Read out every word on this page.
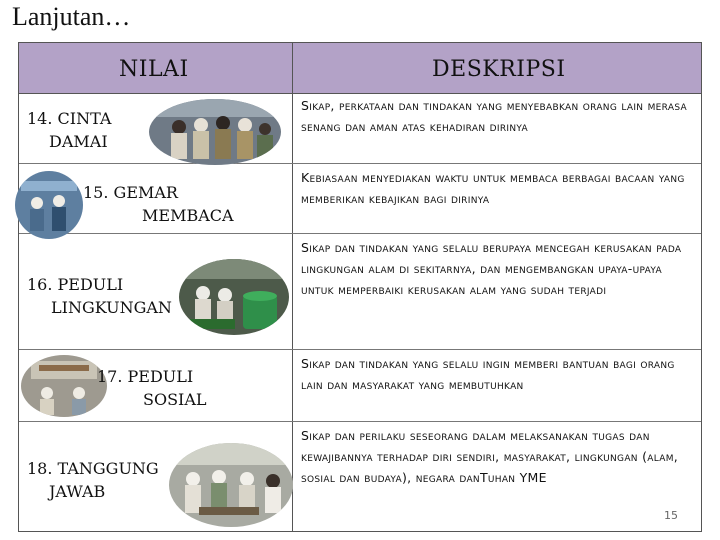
Lanjutan…
NILAI	DESKRIPSI
14. CINTA
DAMAI
Sikap, perkataan dan tindakan yang menyebabkan orang lain merasa senang dan aman atas kehadiran dirinya
15. GEMAR
MEMBACA
Kebiasaan menyediakan waktu untuk membaca berbagai bacaan yang memberikan kebajikan bagi dirinya
16. PEDULI
LINGKUNGAN
Sikap dan tindakan yang selalu berupaya mencegah kerusakan pada lingkungan alam di sekitarnya, dan mengembangkan upaya-upaya untuk memperbaiki kerusakan alam yang sudah terjadi
17. PEDULI
SOSIAL
Sikap dan tindakan yang selalu ingin memberi bantuan bagi orang lain dan masyarakat yang membutuhkan
18. TANGGUNG
JAWAB
Sikap dan perilaku seseorang dalam melaksanakan tugas dan kewajibannya terhadap diri sendiri, masyarakat, lingkungan (alam, sosial dan budaya), negara danTuhan YME
15
